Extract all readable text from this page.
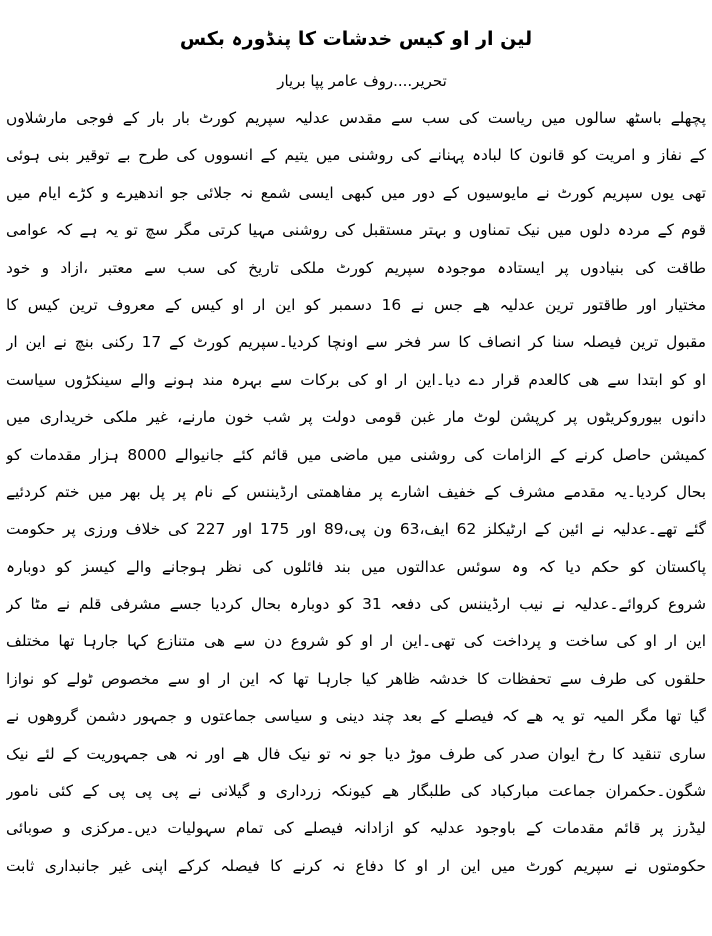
لین ار او کیس خدشات کا پنڈورہ بکس
تحریر....روف عامر پپا بریار
پچھلے باسٹھ سالوں میں ریاست کی سب سے مقدس عدلیہ سپریم کورٹ بار بار کے فوجی مارشلاوں
کے نفاز و امریت کو قانون کا لبادہ پہنانے کی روشنی میں یتیم کے انسووں کی طرح بے توقیر بنی ہوئی
تھی یوں سپریم کورٹ نے مایوسیوں کے دور میں کبھی ایسی شمع نہ جلائی جو اندھیرے و کڑے ایام میں
قوم کے مردہ دلوں میں نیک تمناوں و بہتر مستقبل کی روشنی مہیا کرتی مگر سچ تو یہ ہے کہ عوامی
طاقت کی بنیادوں پر ایستادہ موجودہ سپریم کورٹ ملکی تاریخ کی سب سے معتبر ،ازاد و خود
مختیار اور طاقتور ترین عدلیہ ھے جس نے 16 دسمبر کو این ار او کیس کے معروف ترین کیس کا
مقبول ترین فیصلہ سنا کر انصاف کا سر فخر سے اونچا کردیا۔سپریم کورٹ کے 17 رکنی بنچ نے این ار
او کو ابتدا سے ھی کالعدم قرار دے دیا۔این ار او کی برکات سے بہرہ مند ہونے والے سینکڑوں سیاست
دانوں بیوروکریٹوں پر کرپشن لوٹ مار غبن قومی دولت پر شب خون مارنے، غیر ملکی خریداری میں
کمیشن حاصل کرنے کے الزامات کی روشنی میں ماضی میں قائم کئے جانیوالے 8000 ہزار مقدمات کو
بحال کردیا۔یہ مقدمے مشرف کے خفیف اشارے پر مفاھمتی ارڈیننس کے نام پر پل بھر میں ختم کردئیے
گئے تھے۔عدلیہ نے ائین کے ارٹیکلز 62 ایف،63 ون پی،89 اور 175 اور 227 کی خلاف ورزی پر حکومت
پاکستان کو حکم دیا کہ وہ سوئس عدالتوں میں بند فائلوں کی نظر ہوجانے والے کیسز کو دوبارہ
شروع کروائے۔عدلیہ نے نیب ارڈیننس کی دفعہ 31 کو دوبارہ بحال کردیا جسے مشرفی قلم نے مٹا کر
این ار او کی ساخت و پرداخت کی تھی۔این ار او کو شروع دن سے ھی متنازع کہا جارہا تھا مختلف
حلقوں کی طرف سے تحفظات کا خدشہ ظاھر کیا جارہا تھا کہ این ار او سے مخصوص ٹولے کو نوازا
گیا تھا مگر المیہ تو یہ ھے کہ فیصلے کے بعد چند دینی و سیاسی جماعتوں و جمہور دشمن گروھوں نے
ساری تنقید کا رخ ایوان صدر کی طرف موڑ دیا جو نہ تو نیک فال ھے اور نہ ھی جمہوریت کے لئے نیک
شگون۔حکمران جماعت مبارکباد کی طلبگار ھے کیونکہ زرداری و گیلانی نے پی پی پی کے کئی نامور
لیڈرز پر قائم مقدمات کے باوجود عدلیہ کو ازادانہ فیصلے کی تمام سہولیات دیں۔مرکزی و صوبائی
حکومتوں نے سپریم کورٹ میں این ار او کا دفاع نہ کرنے کا فیصلہ کرکے اپنی غیر جانبداری ثابت
